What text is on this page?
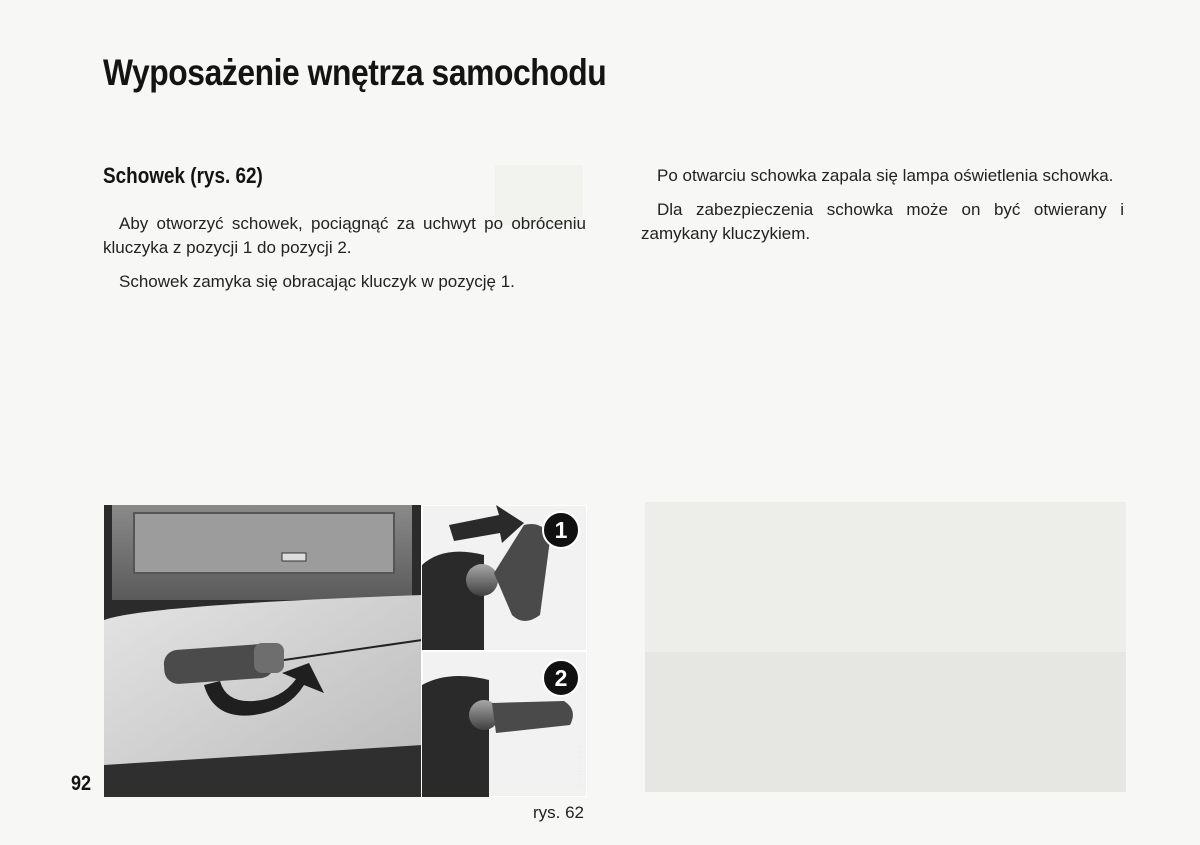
Wyposażenie wnętrza samochodu

Schowek (rys. 62)

Aby otworzyć schowek, pociągnąć za uchwyt po obróceniu kluczyka z pozycji 1 do pozycji 2.

Schowek zamyka się obracając kluczyk w pozycję 1.

Po otwarciu schowka zapala się lampa oświetlenia schowka.

Dla zabezpieczenia schowka może on być otwierany i zamykany kluczykiem.

1
2
P5P00392
rys. 62
92
